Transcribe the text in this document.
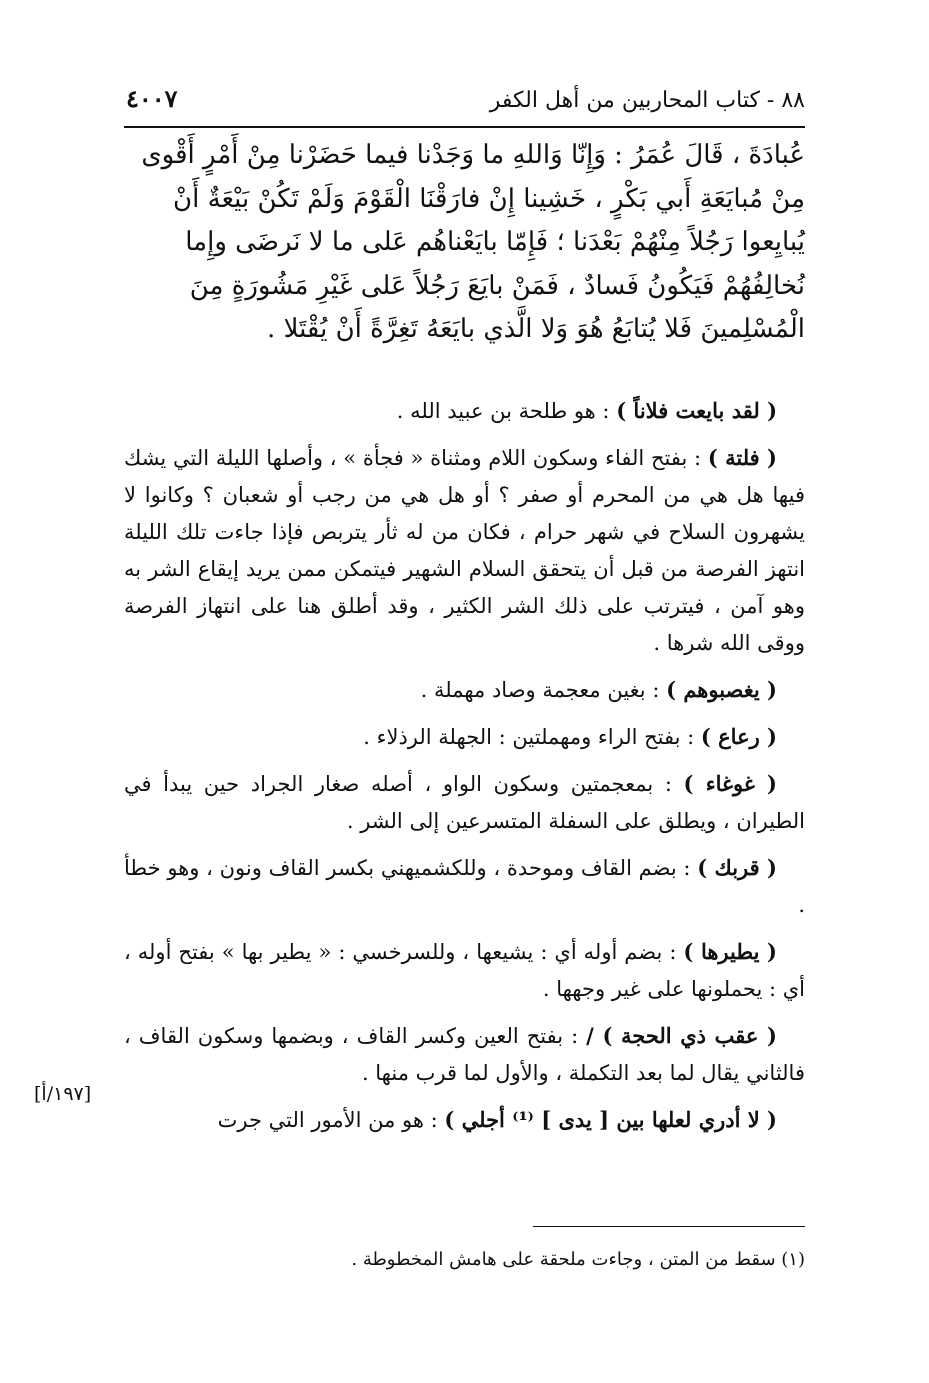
٨٨ - كتاب المحاربين من أهل الكفر
٤٠٠٧

عُبادَةَ ، قَالَ عُمَرُ : وَإِنّا وَاللهِ ما وَجَدْنا فيما حَضَرْنا مِنْ أَمْرٍ أَقْوى

مِنْ مُبايَعَةِ أَبي بَكْرٍ ، خَشِينا إِنْ فارَقْنَا الْقَوْمَ وَلَمْ تَكُنْ بَيْعَةٌ أَنْ

يُبايِعوا رَجُلاً مِنْهُمْ بَعْدَنا ؛ فَإِمّا بايَعْناهُم عَلى ما لا نَرضَى وإِما

نُخالِفُهُمْ فَيَكُونُ فَسادٌ ، فَمَنْ بايَعَ رَجُلاً عَلى غَيْرِ مَشُورَةٍ مِنَ

الْمُسْلِمينَ فَلا يُتابَعُ هُوَ وَلا الَّذي بايَعَهُ تَغِرَّةً أَنْ يُقْتَلا .

( لقد بايعت فلاناً ) : هو طلحة بن عبيد الله .

( فلتة ) : بفتح الفاء وسكون اللام ومثناة « فجأة » ، وأصلها الليلة التي يشك فيها هل هي من المحرم أو صفر ؟ أو هل هي من رجب أو شعبان ؟ وكانوا لا يشهرون السلاح في شهر حرام ، فكان من له ثأر يتربص فإذا جاءت تلك الليلة انتهز الفرصة من قبل أن يتحقق السلام الشهير فيتمكن ممن يريد إيقاع الشر به وهو آمن ، فيترتب على ذلك الشر الكثير ، وقد أطلق هنا على انتهاز الفرصة ووقى الله شرها .

( يغصبوهم ) : بغين معجمة وصاد مهملة .

( رعاع ) : بفتح الراء ومهملتين : الجهلة الرذلاء .

( غوغاء ) : بمعجمتين وسكون الواو ، أصله صغار الجراد حين يبدأ في الطيران ، ويطلق على السفلة المتسرعين إلى الشر .

( قربك ) : بضم القاف وموحدة ، وللكشميهني بكسر القاف ونون ، وهو خطأ .

( يطيرها ) : بضم أوله أي : يشيعها ، وللسرخسي : « يطير بها » بفتح أوله ، أي : يحملونها على غير وجهها .

( عقب ذي الحجة ) / : بفتح العين وكسر القاف ، وبضمها وسكون القاف ، فالثاني يقال لما بعد التكملة ، والأول لما قرب منها .

( لا أدري لعلها بين [ يدى ] ⁽¹⁾ أجلي ) : هو من الأمور التي جرت

[١٩٧/أ]
(١) سقط من المتن ، وجاءت ملحقة على هامش المخطوطة .
